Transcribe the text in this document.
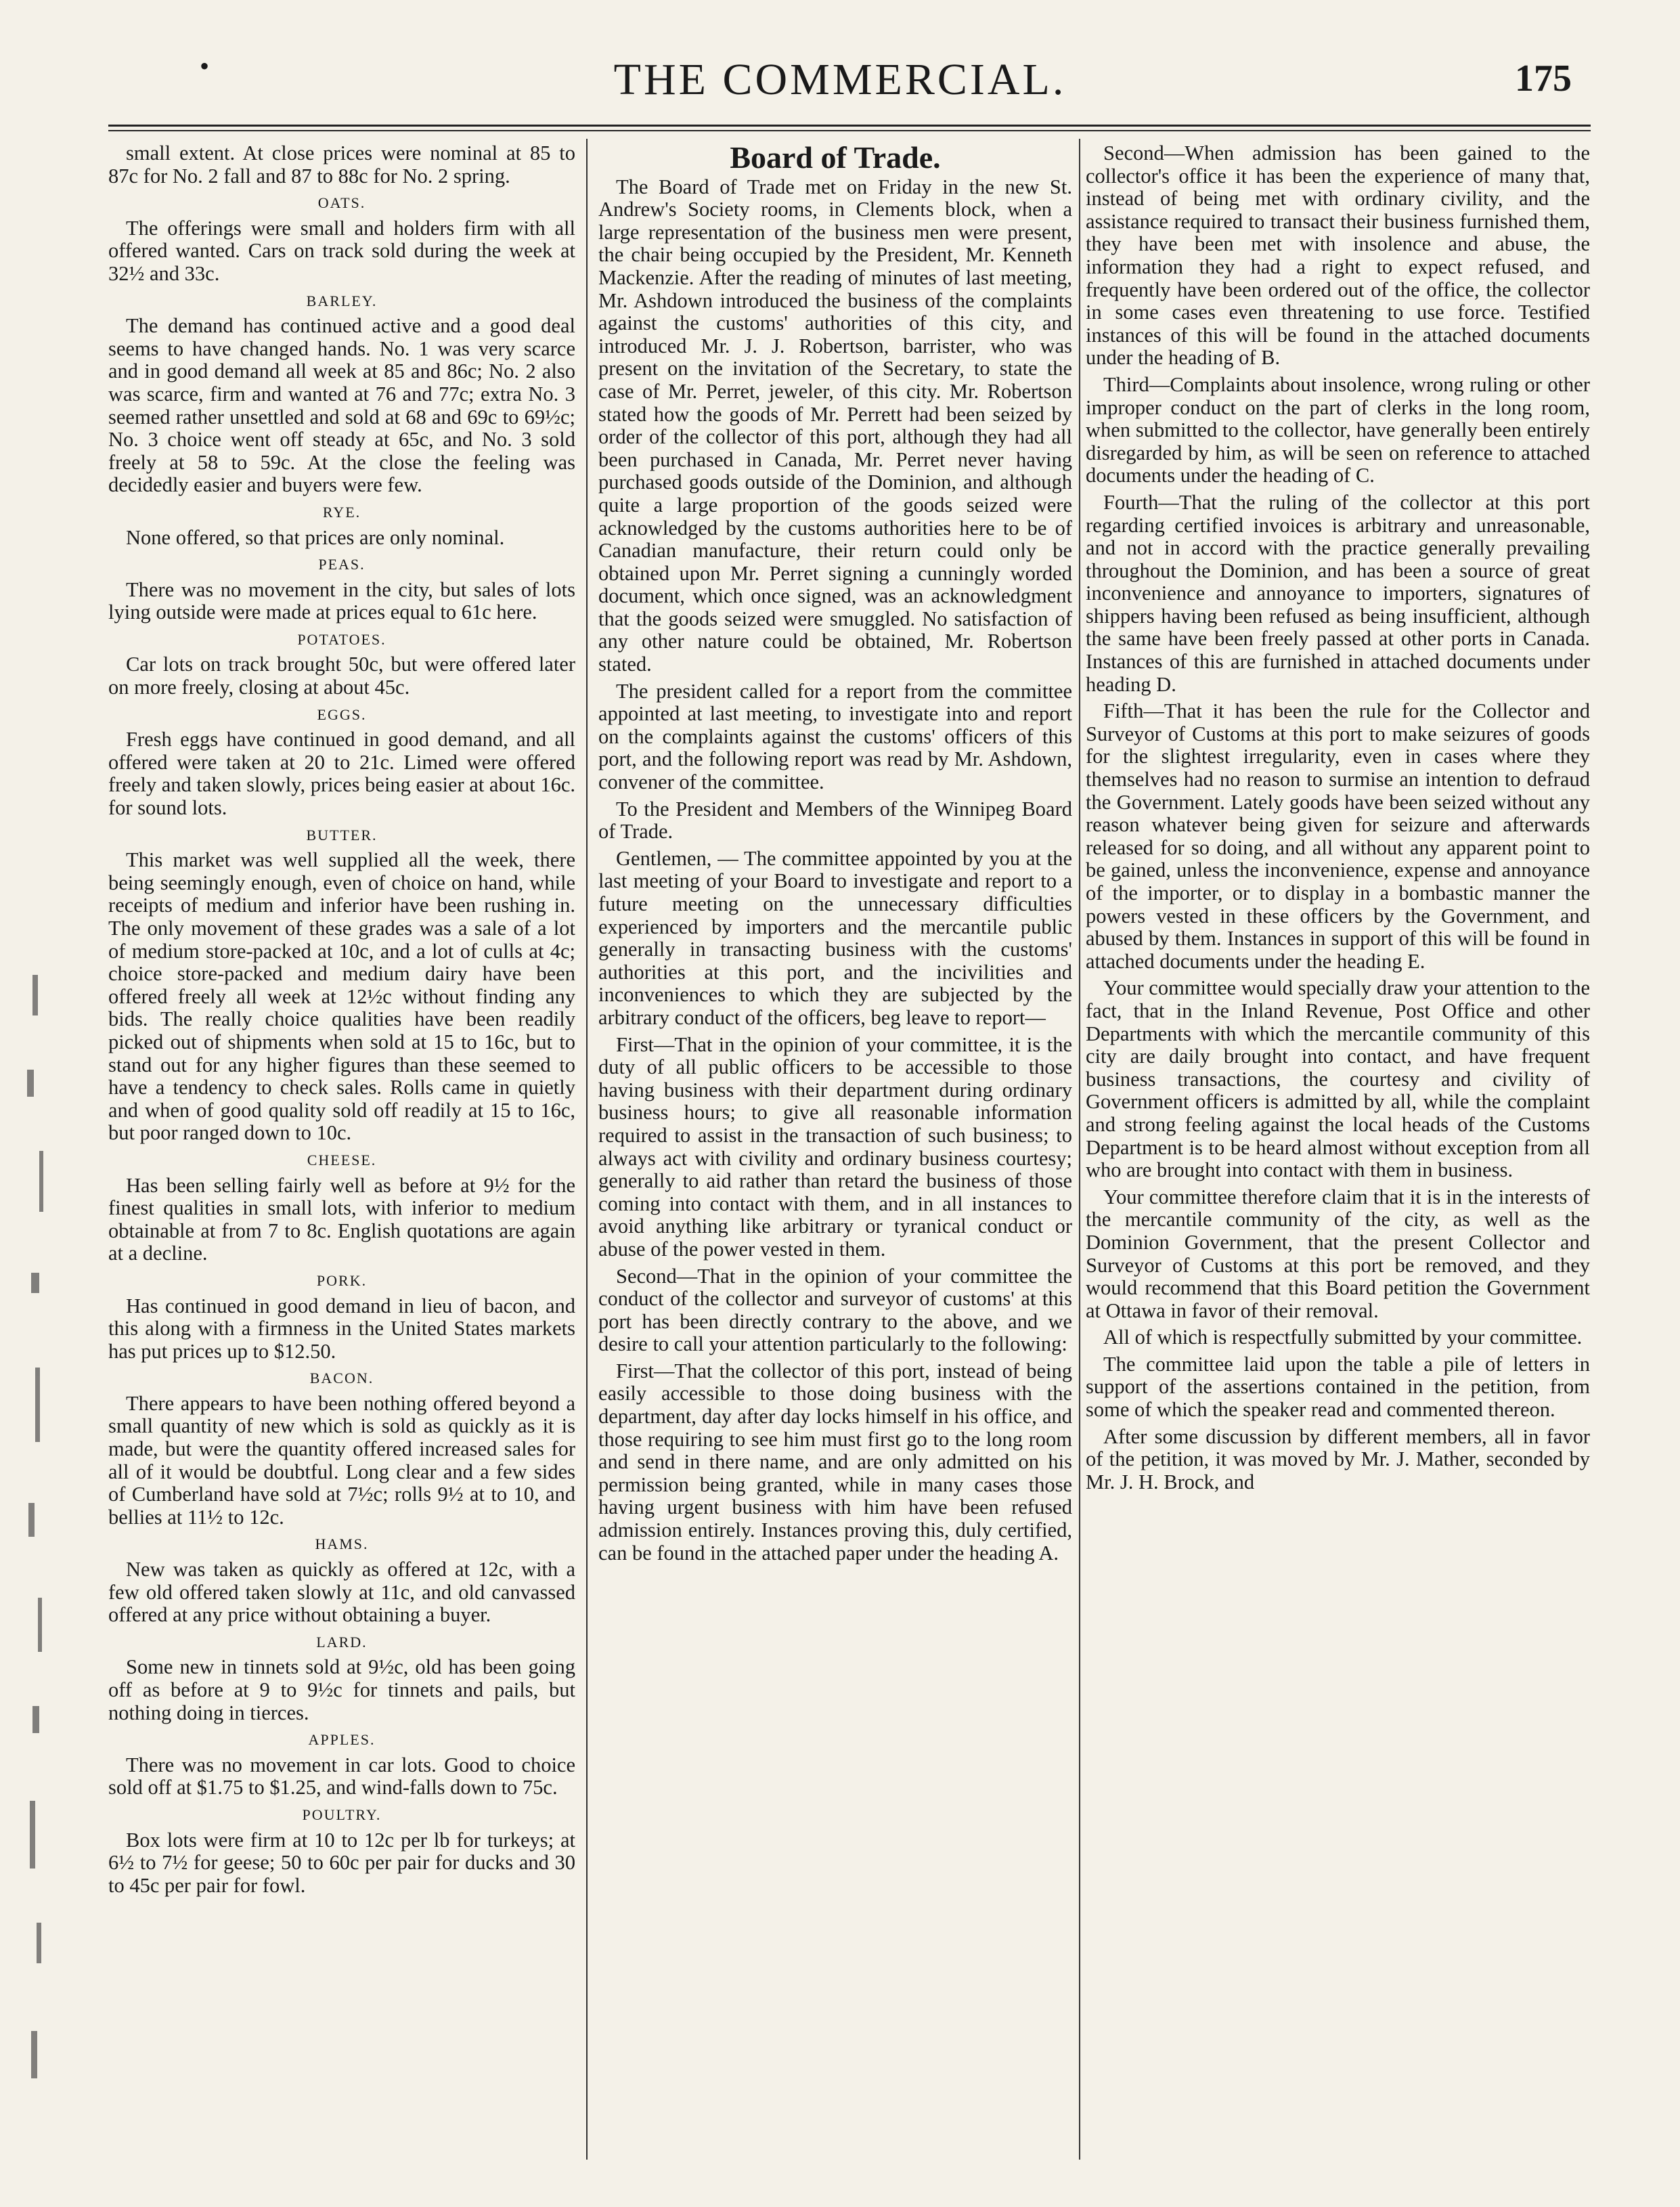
•	THE COMMERCIAL.	175

small extent. At close prices were nominal at 85 to 87c for No. 2 fall and 87 to 88c for No. 2 spring.

OATS.

The offerings were small and holders firm with all offered wanted. Cars on track sold during the week at 32½ and 33c.

BARLEY.

The demand has continued active and a good deal seems to have changed hands. No. 1 was very scarce and in good demand all week at 85 and 86c; No. 2 also was scarce, firm and wanted at 76 and 77c; extra No. 3 seemed rather unsettled and sold at 68 and 69c to 69½c; No. 3 choice went off steady at 65c, and No. 3 sold freely at 58 to 59c. At the close the feeling was decidedly easier and buyers were few.

RYE.

None offered, so that prices are only nominal.

PEAS.

There was no movement in the city, but sales of lots lying outside were made at prices equal to 61c here.

POTATOES.

Car lots on track brought 50c, but were offered later on more freely, closing at about 45c.

EGGS.

Fresh eggs have continued in good demand, and all offered were taken at 20 to 21c. Limed were offered freely and taken slowly, prices being easier at about 16c. for sound lots.

BUTTER.

This market was well supplied all the week, there being seemingly enough, even of choice on hand, while receipts of medium and inferior have been rushing in. The only movement of these grades was a sale of a lot of medium store-packed at 10c, and a lot of culls at 4c; choice store-packed and medium dairy have been offered freely all week at 12½c without finding any bids. The really choice qualities have been readily picked out of shipments when sold at 15 to 16c, but to stand out for any higher figures than these seemed to have a tendency to check sales. Rolls came in quietly and when of good quality sold off readily at 15 to 16c, but poor ranged down to 10c.

CHEESE.

Has been selling fairly well as before at 9½ for the finest qualities in small lots, with inferior to medium obtainable at from 7 to 8c. English quotations are again at a decline.

PORK.

Has continued in good demand in lieu of bacon, and this along with a firmness in the United States markets has put prices up to $12.50.

BACON.

There appears to have been nothing offered beyond a small quantity of new which is sold as quickly as it is made, but were the quantity offered increased sales for all of it would be doubtful. Long clear and a few sides of Cumberland have sold at 7½c; rolls 9½ at to 10, and bellies at 11½ to 12c.

HAMS.

New was taken as quickly as offered at 12c, with a few old offered taken slowly at 11c, and old canvassed offered at any price without obtaining a buyer.

LARD.

Some new in tinnets sold at 9½c, old has been going off as before at 9 to 9½c for tinnets and pails, but nothing doing in tierces.

APPLES.

There was no movement in car lots. Good to choice sold off at $1.75 to $1.25, and wind-falls down to 75c.

POULTRY.

Box lots were firm at 10 to 12c per lb for turkeys; at 6½ to 7½ for geese; 50 to 60c per pair for ducks and 30 to 45c per pair for fowl.

Board of Trade.

The Board of Trade met on Friday in the new St. Andrew's Society rooms, in Clements block, when a large representation of the business men were present, the chair being occupied by the President, Mr. Kenneth Mackenzie. After the reading of minutes of last meeting, Mr. Ashdown introduced the business of the complaints against the customs' authorities of this city, and introduced Mr. J. J. Robertson, barrister, who was present on the invitation of the Secretary, to state the case of Mr. Perret, jeweler, of this city. Mr. Robertson stated how the goods of Mr. Perrett had been seized by order of the collector of this port, although they had all been purchased in Canada, Mr. Perret never having purchased goods outside of the Dominion, and although quite a large proportion of the goods seized were acknowledged by the customs authorities here to be of Canadian manufacture, their return could only be obtained upon Mr. Perret signing a cunningly worded document, which once signed, was an acknowledgment that the goods seized were smuggled. No satisfaction of any other nature could be obtained, Mr. Robertson stated.

The president called for a report from the committee appointed at last meeting, to investigate into and report on the complaints against the customs' officers of this port, and the following report was read by Mr. Ashdown, convener of the committee.

To the President and Members of the Winnipeg Board of Trade.

Gentlemen, — The committee appointed by you at the last meeting of your Board to investigate and report to a future meeting on the unnecessary difficulties experienced by importers and the mercantile public generally in transacting business with the customs' authorities at this port, and the incivilities and inconveniences to which they are subjected by the arbitrary conduct of the officers, beg leave to report—

First—That in the opinion of your committee, it is the duty of all public officers to be accessible to those having business with their department during ordinary business hours; to give all reasonable information required to assist in the transaction of such business; to always act with civility and ordinary business courtesy; generally to aid rather than retard the business of those coming into contact with them, and in all instances to avoid anything like arbitrary or tyranical conduct or abuse of the power vested in them.

Second—That in the opinion of your committee the conduct of the collector and surveyor of customs' at this port has been directly contrary to the above, and we desire to call your attention particularly to the following:

First—That the collector of this port, instead of being easily accessible to those doing business with the department, day after day locks himself in his office, and those requiring to see him must first go to the long room and send in there name, and are only admitted on his permission being granted, while in many cases those having urgent business with him have been refused admission entirely. Instances proving this, duly certified, can be found in the attached paper under the heading A.

Second—When admission has been gained to the collector's office it has been the experience of many that, instead of being met with ordinary civility, and the assistance required to transact their business furnished them, they have been met with insolence and abuse, the information they had a right to expect refused, and frequently have been ordered out of the office, the collector in some cases even threatening to use force. Testified instances of this will be found in the attached documents under the heading of B.

Third—Complaints about insolence, wrong ruling or other improper conduct on the part of clerks in the long room, when submitted to the collector, have generally been entirely disregarded by him, as will be seen on reference to attached documents under the heading of C.

Fourth—That the ruling of the collector at this port regarding certified invoices is arbitrary and unreasonable, and not in accord with the practice generally prevailing throughout the Dominion, and has been a source of great inconvenience and annoyance to importers, signatures of shippers having been refused as being insufficient, although the same have been freely passed at other ports in Canada. Instances of this are furnished in attached documents under heading D.

Fifth—That it has been the rule for the Collector and Surveyor of Customs at this port to make seizures of goods for the slightest irregularity, even in cases where they themselves had no reason to surmise an intention to defraud the Government. Lately goods have been seized without any reason whatever being given for seizure and afterwards released for so doing, and all without any apparent point to be gained, unless the inconvenience, expense and annoyance of the importer, or to display in a bombastic manner the powers vested in these officers by the Government, and abused by them. Instances in support of this will be found in attached documents under the heading E.

Your committee would specially draw your attention to the fact, that in the Inland Revenue, Post Office and other Departments with which the mercantile community of this city are daily brought into contact, and have frequent business transactions, the courtesy and civility of Government officers is admitted by all, while the complaint and strong feeling against the local heads of the Customs Department is to be heard almost without exception from all who are brought into contact with them in business.

Your committee therefore claim that it is in the interests of the mercantile community of the city, as well as the Dominion Government, that the present Collector and Surveyor of Customs at this port be removed, and they would recommend that this Board petition the Government at Ottawa in favor of their removal.

All of which is respectfully submitted by your committee.

The committee laid upon the table a pile of letters in support of the assertions contained in the petition, from some of which the speaker read and commented thereon.

After some discussion by different members, all in favor of the petition, it was moved by Mr. J. Mather, seconded by Mr. J. H. Brock, and
